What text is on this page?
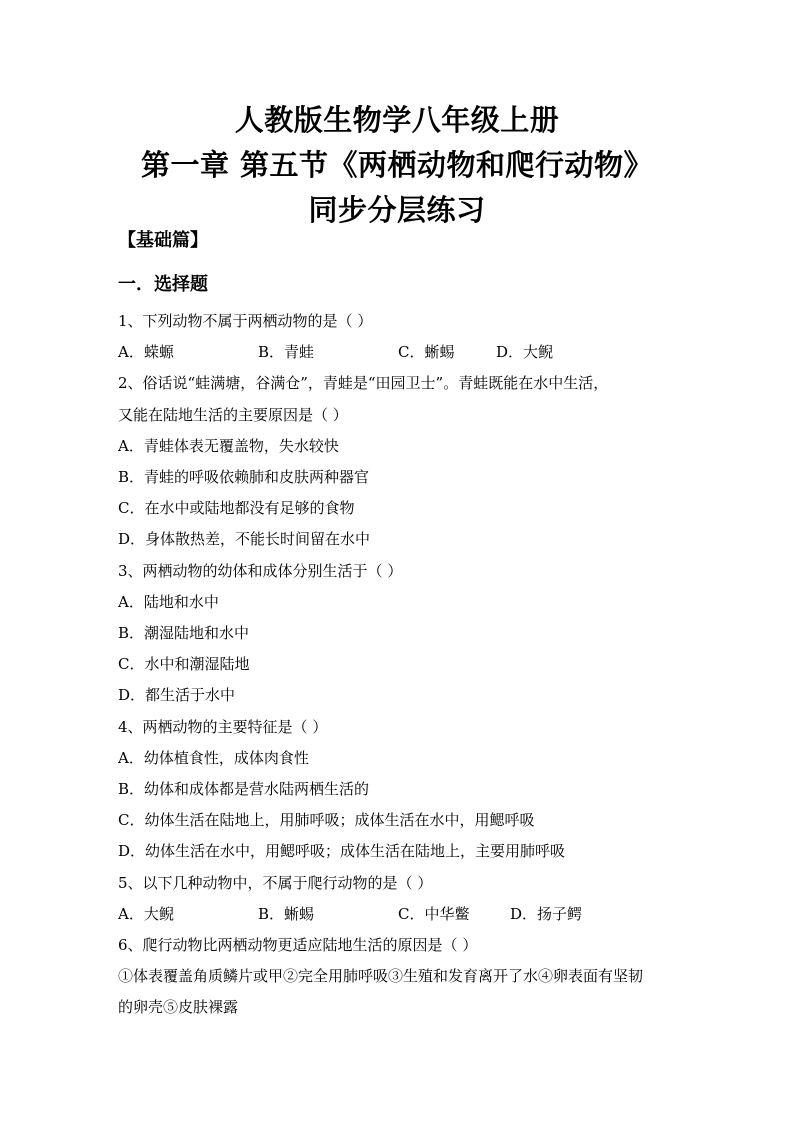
人教版生物学八年级上册
第一章 第五节《两栖动物和爬行动物》
同步分层练习
【基础篇】
一．选择题
1、下列动物不属于两栖动物的是（ ）
A．蝾螈	B．青蛙	C．蜥蜴	D．大鲵
2、俗话说“蛙满塘，谷满仓”，青蛙是“田园卫士”。青蛙既能在水中生活，
又能在陆地生活的主要原因是（ ）
A．青蛙体表无覆盖物，失水较快
B．青蛙的呼吸依赖肺和皮肤两种器官
C．在水中或陆地都没有足够的食物
D．身体散热差，不能长时间留在水中
3、两栖动物的幼体和成体分别生活于（ ）
A．陆地和水中
B．潮湿陆地和水中
C．水中和潮湿陆地
D．都生活于水中
4、两栖动物的主要特征是（ ）
A．幼体植食性，成体肉食性
B．幼体和成体都是营水陆两栖生活的
C．幼体生活在陆地上，用肺呼吸；成体生活在水中，用鳃呼吸
D．幼体生活在水中，用鳃呼吸；成体生活在陆地上，主要用肺呼吸
5、以下几种动物中，不属于爬行动物的是（ ）
A．大鲵	B．蜥蜴	C．中华鳖	D．扬子鳄
6、爬行动物比两栖动物更适应陆地生活的原因是（ ）
①体表覆盖角质鳞片或甲②完全用肺呼吸③生殖和发育离开了水④卵表面有坚韧
的卵壳⑤皮肤裸露
